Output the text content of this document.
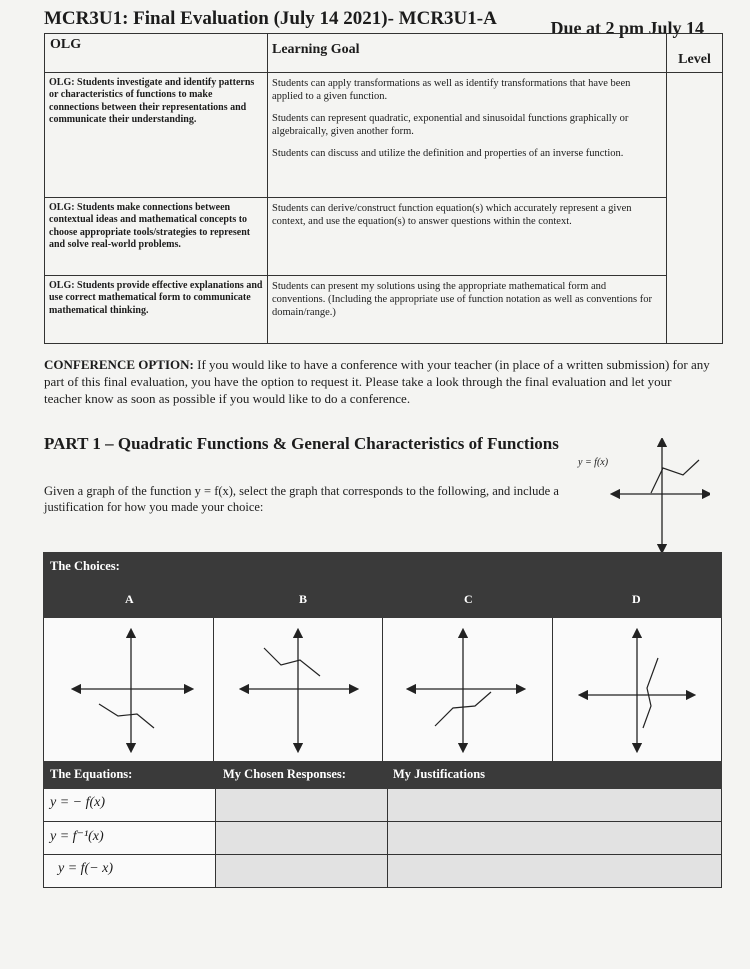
MCR3U1: Final Evaluation (July 14 2021)- MCR3U1-A	Due at 2 pm July 14
OLG	Learning Goal	Level
OLG: Students investigate and identify patterns or characteristics of functions to make connections between their representations and communicate their understanding.	Students can apply transformations as well as identify transformations that have been applied to a given function.

Students can represent quadratic, exponential and sinusoidal functions graphically or algebraically, given another form.

Students can discuss and utilize the definition and properties of an inverse function.	

OLG: Students make connections between contextual ideas and mathematical concepts to choose appropriate tools/strategies to represent and solve real-world problems.	Students can derive/construct function equation(s) which accurately represent a given context, and use the equation(s) to answer questions within the context.	

OLG: Students provide effective explanations and use correct mathematical form to communicate mathematical thinking.	Students can present my solutions using the appropriate mathematical form and conventions. (Including the appropriate use of function notation as well as conventions for domain/range.)	

CONFERENCE OPTION: If you would like to have a conference with your teacher (in place of a written submission) for any part of this final evaluation, you have the option to request it. Please take a look through the final evaluation and let your teacher know as soon as possible if you would like to do a conference.
PART 1 – Quadratic Functions & General Characteristics of Functions
Given a graph of the function y = f(x), select the graph that corresponds to the following, and include a justification for how you made your choice:
y = f(x)
The Choices:
A	B	C	D
The Equations:	My Chosen Responses:	My Justifications
y = − f(x)
y = f⁻¹(x)
y = f(− x)
